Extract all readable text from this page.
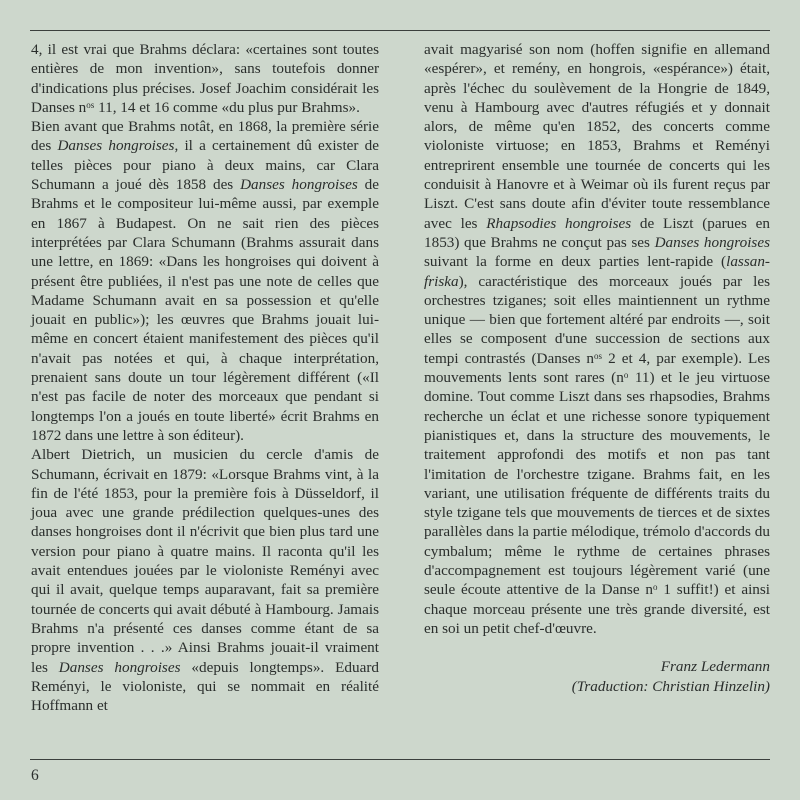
4, il est vrai que Brahms déclara: «certaines sont toutes entières de mon invention», sans toutefois donner d'indications plus précises. Josef Joachim considérait les Danses $n^{os}$ 11, 14 et 16 comme «du plus pur Brahms».

Bien avant que Brahms notât, en 1868, la première série des Danses hongroises, il a certainement dû exister de telles pièces pour piano à deux mains, car Clara Schumann a joué dès 1858 des Danses hongroises de Brahms et le compositeur lui-même aussi, par exemple en 1867 à Budapest. On ne sait rien des pièces interprétées par Clara Schumann (Brahms assurait dans une lettre, en 1869: «Dans les hongroises qui doivent à présent être publiées, il n'est pas une note de celles que Madame Schumann avait en sa possession et qu'elle jouait en public»); les œuvres que Brahms jouait lui-même en concert étaient manifestement des pièces qu'il n'avait pas notées et qui, à chaque interprétation, prenaient sans doute un tour légèrement différent («Il n'est pas facile de noter des morceaux que pendant si longtemps l'on a joués en toute liberté» écrit Brahms en 1872 dans une lettre à son éditeur).

Albert Dietrich, un musicien du cercle d'amis de Schumann, écrivait en 1879: «Lorsque Brahms vint, à la fin de l'été 1853, pour la première fois à Düsseldorf, il joua avec une grande prédilection quelques-unes des danses hongroises dont il n'écrivit que bien plus tard une version pour piano à quatre mains. Il raconta qu'il les avait entendues jouées par le violoniste Reményi avec qui il avait, quelque temps auparavant, fait sa première tournée de concerts qui avait débuté à Hambourg. Jamais Brahms n'a présenté ces danses comme étant de sa propre invention . . .» Ainsi Brahms jouait-il vraiment les Danses hongroises «depuis longtemps». Eduard Reményi, le violoniste, qui se nommait en réalité Hoffmann et

avait magyarisé son nom (hoffen signifie en allemand «espérer», et remény, en hongrois, «espérance») était, après l'échec du soulèvement de la Hongrie de 1849, venu à Hambourg avec d'autres réfugiés et y donnait alors, de même qu'en 1852, des concerts comme violoniste virtuose; en 1853, Brahms et Reményi entreprirent ensemble une tournée de concerts qui les conduisit à Hanovre et à Weimar où ils furent reçus par Liszt. C'est sans doute afin d'éviter toute ressemblance avec les Rhapsodies hongroises de Liszt (parues en 1853) que Brahms ne conçut pas ses Danses hongroises suivant la forme en deux parties lent-rapide (lassan-friska), caractéristique des morceaux joués par les orchestres tziganes; soit elles maintiennent un rythme unique — bien que fortement altéré par endroits —, soit elles se composent d'une succession de sections aux tempi contrastés (Danses $n^{os}$ 2 et 4, par exemple). Les mouvements lents sont rares ($n^o$ 11) et le jeu virtuose domine. Tout comme Liszt dans ses rhapsodies, Brahms recherche un éclat et une richesse sonore typiquement pianistiques et, dans la structure des mouvements, le traitement approfondi des motifs et non pas tant l'imitation de l'orchestre tzigane. Brahms fait, en les variant, une utilisation fréquente de différents traits du style tzigane tels que mouvements de tierces et de sixtes parallèles dans la partie mélodique, trémolo d'accords du cymbalum; même le rythme de certaines phrases d'accompagnement est toujours légèrement varié (une seule écoute attentive de la Danse $n^o$ 1 suffit!) et ainsi chaque morceau présente une très grande diversité, est en soi un petit chef-d'œuvre.

Franz Ledermann
(Traduction: Christian Hinzelin)
6
